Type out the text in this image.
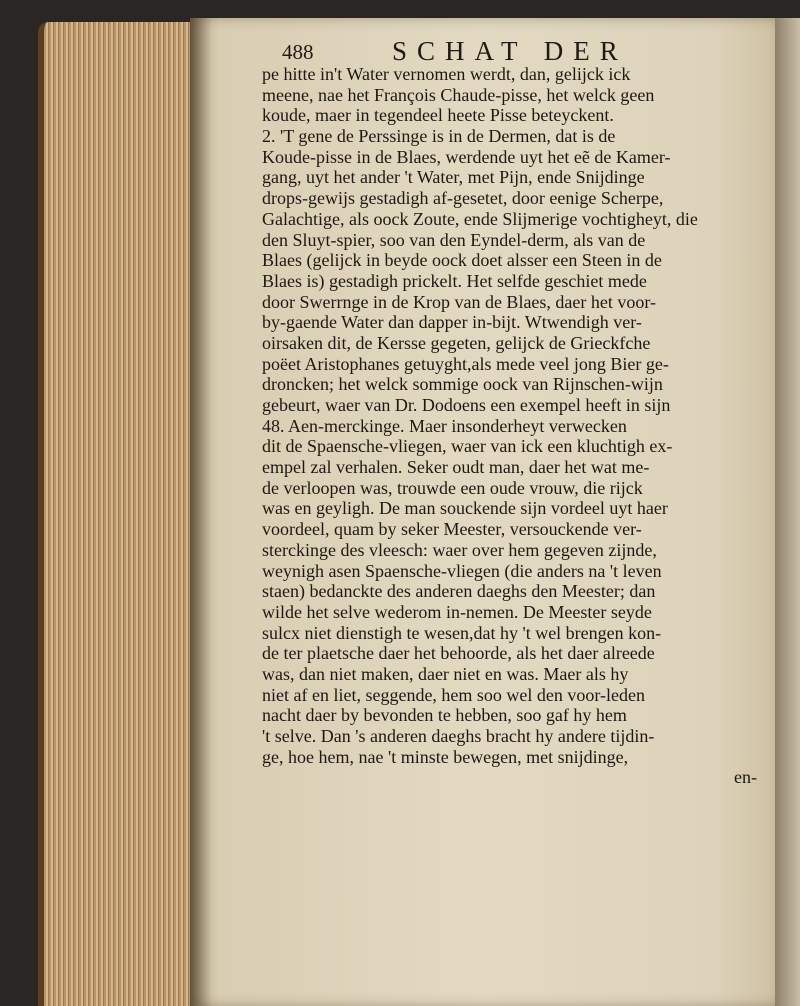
488	SCHAT DER
pe hitte in't Water vernomen werdt, dan, gelijck ick
meene, nae het François Chaude-pisse, het welck geen
koude, maer in tegendeel heete Pisse beteyckent.
2. 'T gene de Perssinge is in de Dermen, dat is de
Koude-pisse in de Blaes, werdende uyt het eẽ de Kamer-
gang, uyt het ander 't Water, met Pijn, ende Snijdinge
drops-gewijs gestadigh af-gesetet, door eenige Scherpe,
Galachtige, als oock Zoute, ende Slijmerige vochtigheyt, die
den Sluyt-spier, soo van den Eyndel-derm, als van de
Blaes (gelijck in beyde oock doet alsser een Steen in de
Blaes is) gestadigh prickelt. Het selfde geschiet mede
door Swerrnge in de Krop van de Blaes, daer het voor-
by-gaende Water dan dapper in-bijt. Wtwendigh ver-
oirsaken dit, de Kersse gegeten, gelijck de Grieckfche
poëet Aristophanes getuyght,als mede veel jong Bier ge-
droncken; het welck sommige oock van Rijnschen-wijn
gebeurt, waer van Dr. Dodoens een exempel heeft in sijn
48. Aen-merckinge. Maer insonderheyt verwecken
dit de Spaensche-vliegen, waer van ick een kluchtigh ex-
empel zal verhalen. Seker oudt man, daer het wat me-
de verloopen was, trouwde een oude vrouw, die rijck
was en geyligh. De man souckende sijn vordeel uyt haer
voordeel, quam by seker Meester, versouckende ver-
sterckinge des vleesch: waer over hem gegeven zijnde,
weynigh asen Spaensche-vliegen (die anders na 't leven
staen) bedanckte des anderen daeghs den Meester; dan
wilde het selve wederom in-nemen. De Meester seyde
sulcx niet dienstigh te wesen,dat hy 't wel brengen kon-
de ter plaetsche daer het behoorde, als het daer alreede
was, dan niet maken, daer niet en was. Maer als hy
niet af en liet, seggende, hem soo wel den voor-leden
nacht daer by bevonden te hebben, soo gaf hy hem
't selve. Dan 's anderen daeghs bracht hy andere tijdin-
ge, hoe hem, nae 't minste bewegen, met snijdinge,
en-
